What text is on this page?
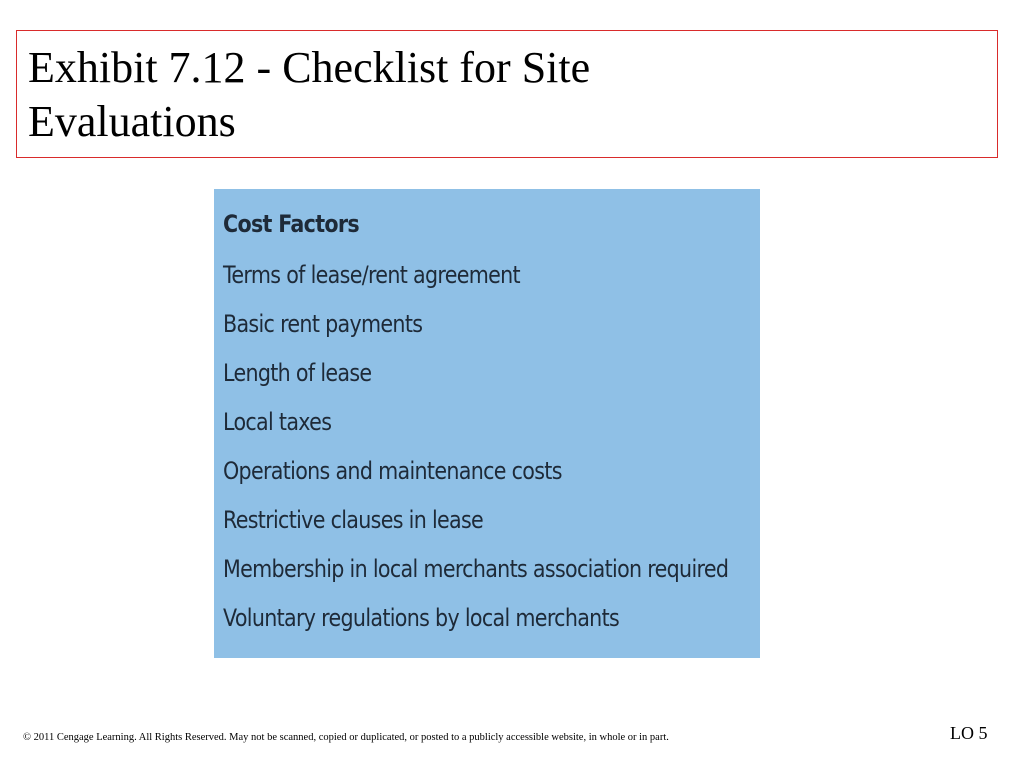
Exhibit 7.12 - Checklist for Site
Evaluations
Cost Factors
Terms of lease/rent agreement
Basic rent payments
Length of lease
Local taxes
Operations and maintenance costs
Restrictive clauses in lease
Membership in local merchants association required
Voluntary regulations by local merchants
© 2011 Cengage Learning. All Rights Reserved. May not be scanned, copied or duplicated, or posted to a publicly accessible website, in whole or in part.	LO 5
